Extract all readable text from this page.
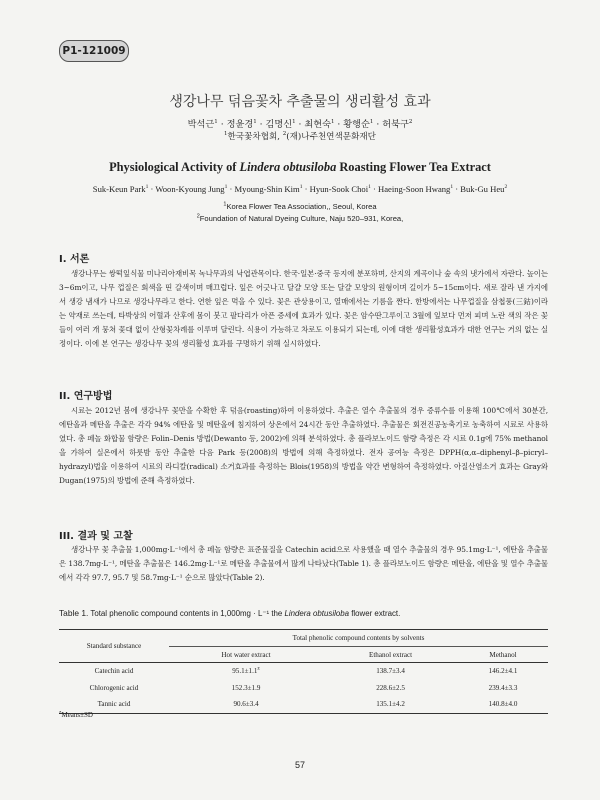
P1-121009
생강나무 덖음꽃차 추출물의 생리활성 효과
박석근$^1$ · 정윤경$^1$ · 김명신$^1$ · 최현숙$^1$ · 황행순$^1$ · 허북구$^2$
$^1$한국꽃차협회, $^2$(재)나주천연색문화재단
Physiological Activity of Lindera obtusiloba Roasting Flower Tea Extract
Suk-Keun Park$^1$ · Woon-Kyoung Jung$^1$ · Myoung-Shin Kim$^1$ · Hyun-Sook Choi$^1$ · Haeing-Soon Hwang$^1$ · Buk-Gu Heu$^2$
$^1$Korea Flower Tea Association,, Seoul, Korea
$^2$Foundation of Natural Dyeing Culture, Naju 520–931, Korea,
I. 서론
생강나무는 쌍떡잎식물 미나리아재비목 녹나무과의 낙엽관목이다. 한국·일본·중국 등지에 분포하며, 산지의 계곡이나 숲 속의 냇가에서 자란다. 높이는 3~6m이고, 나무 껍질은 회색을 띤 갈색이며 매끄럽다. 잎은 어긋나고 달걀 모양 또는 달걀 모양의 원형이며 길이가 5~15cm이다. 새로 잘라 낸 가지에서 생강 냄새가 나므로 생강나무라고 한다. 연한 잎은 먹을 수 있다. 꽃은 관상용이고, 열매에서는 기름을 짠다. 한방에서는 나무껍질을 삼첩풍(三鈷)이라는 약재로 쓰는데, 타박상의 어혈과 산후에 몸이 붓고 팔다리가 아픈 증세에 효과가 있다. 꽃은 암수딴그루이고 3월에 잎보다 먼저 피며 노란 색의 작은 꽃들이 여러 개 뭉쳐 꽃대 없이 산형꽃차례를 이루며 달린다. 식용이 가능하고 차로도 이용되기 되는데, 이에 대한 생리활성효과가 대한 연구는 거의 없는 실정이다. 이에 본 연구는 생강나무 꽃의 생리활성 효과를 구명하기 위해 실시하였다.
II. 연구방법
시료는 2012년 봄에 생강나무 꽃만을 수확한 후 덖음(roasting)하여 이용하였다. 추출은 열수 추출물의 경우 증류수를 이용해 100℃에서 30분간, 에탄올과 메탄올 추출은 각각 94% 에탄올 및 메탄올에 침지하여 상온에서 24시간 동안 추출하였다. 추출물은 회전진공농축기로 농축하여 시료로 사용하였다. 총 페놀 화합물 함량은 Folin–Denis 방법(Dewanto 등, 2002)에 의해 분석하였다. 총 플라보노이드 함량 측정은 각 시료 0.1g에 75% methanol을 가하여 실온에서 하룻밤 동안 추출한 다음 Park 등(2008)의 방법에 의해 측정하였다. 전자 공여능 측정은 DPPH(α,α–diphenyl–β–picryl–hydrazyl)법을 이용하여 시료의 라디칼(radical) 소거효과를 측정하는 Blois(1958)의 방법을 약간 변형하여 측정하였다. 아질산염소거 효과는 Gray와 Dugan(1975)의 방법에 준해 측정하였다.
III. 결과 및 고찰
생강나무 꽃 추출물 1,000mg·L⁻¹에서 총 페놀 함량은 표준물질을 Catechin acid으로 사용했을 때 열수 추출물의 경우 95.1mg·L⁻¹, 에탄올 추출물은 138.7mg·L⁻¹, 메탄올 추출물은 146.2mg·L⁻¹로 메탄올 추출물에서 많게 나타났다(Table 1). 총 플라보노이드 함량은 메탄올, 에탄올 및 열수 추출물에서 각각 97.7, 95.7 및 58.7mg·L⁻¹ 순으로 많았다(Table 2).
Table 1. Total phenolic compound contents in 1,000mg · L⁻¹ the Lindera obtusiloba flower extract.
Standard substance	Total phenolic compound contents by solvents		
	Hot water extract	Ethanol extract	Methanol
Catechin acid	$95.1\pm 1.1^z$	138.7±3.4	146.2±4.1
Chlorogenic acid	152.3±1.9	228.6±2.5	239.4±3.3
Tannic acid	90.6±3.4	135.1±4.2	140.8±4.0
$^z$Means±SD
57
